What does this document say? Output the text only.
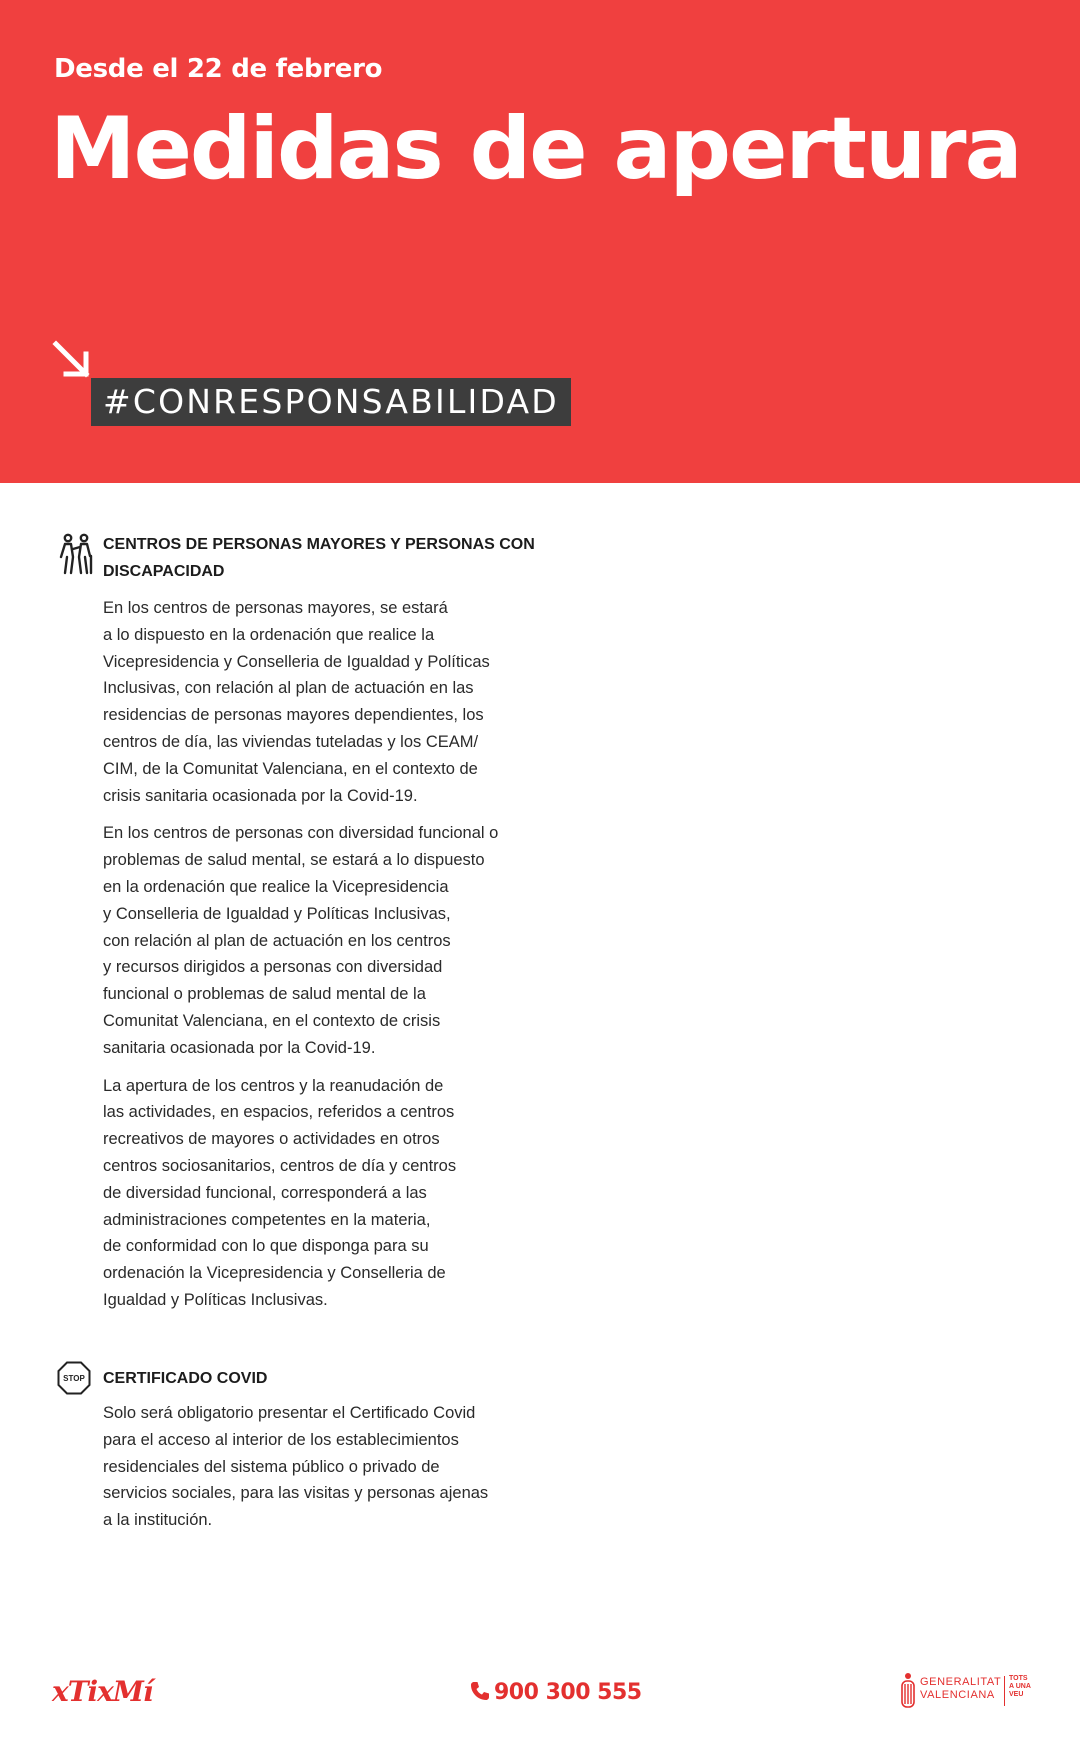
Desde el 22 de febrero
Medidas de apertura
#CONRESPONSABILIDAD
CENTROS DE PERSONAS MAYORES Y PERSONAS CON
DISCAPACIDAD

En los centros de personas mayores, se estará
a lo dispuesto en la ordenación que realice la
Vicepresidencia y Conselleria de Igualdad y Políticas
Inclusivas, con relación al plan de actuación en las
residencias de personas mayores dependientes, los
centros de día, las viviendas tuteladas y los CEAM/
CIM, de la Comunitat Valenciana, en el contexto de
crisis sanitaria ocasionada por la Covid-19.

En los centros de personas con diversidad funcional o
problemas de salud mental, se estará a lo dispuesto
en la ordenación que realice la Vicepresidencia
y Conselleria de Igualdad y Políticas Inclusivas,
con relación al plan de actuación en los centros
y recursos dirigidos a personas con diversidad
funcional o problemas de salud mental de la
Comunitat Valenciana, en el contexto de crisis
sanitaria ocasionada por la Covid-19.

La apertura de los centros y la reanudación de
las actividades, en espacios, referidos a centros
recreativos de mayores o actividades en otros
centros sociosanitarios, centros de día y centros
de diversidad funcional, corresponderá a las
administraciones competentes en la materia,
de conformidad con lo que disponga para su
ordenación la Vicepresidencia y Conselleria de
Igualdad y Políticas Inclusivas.

STOP CERTIFICADO COVID

Solo será obligatorio presentar el Certificado Covid
para el acceso al interior de los establecimientos
residenciales del sistema público o privado de
servicios sociales, para las visitas y personas ajenas
a la institución.

xTixMí	900 300 555	GENERALITAT
VALENCIANA
TOTS
A UNA
VEU
